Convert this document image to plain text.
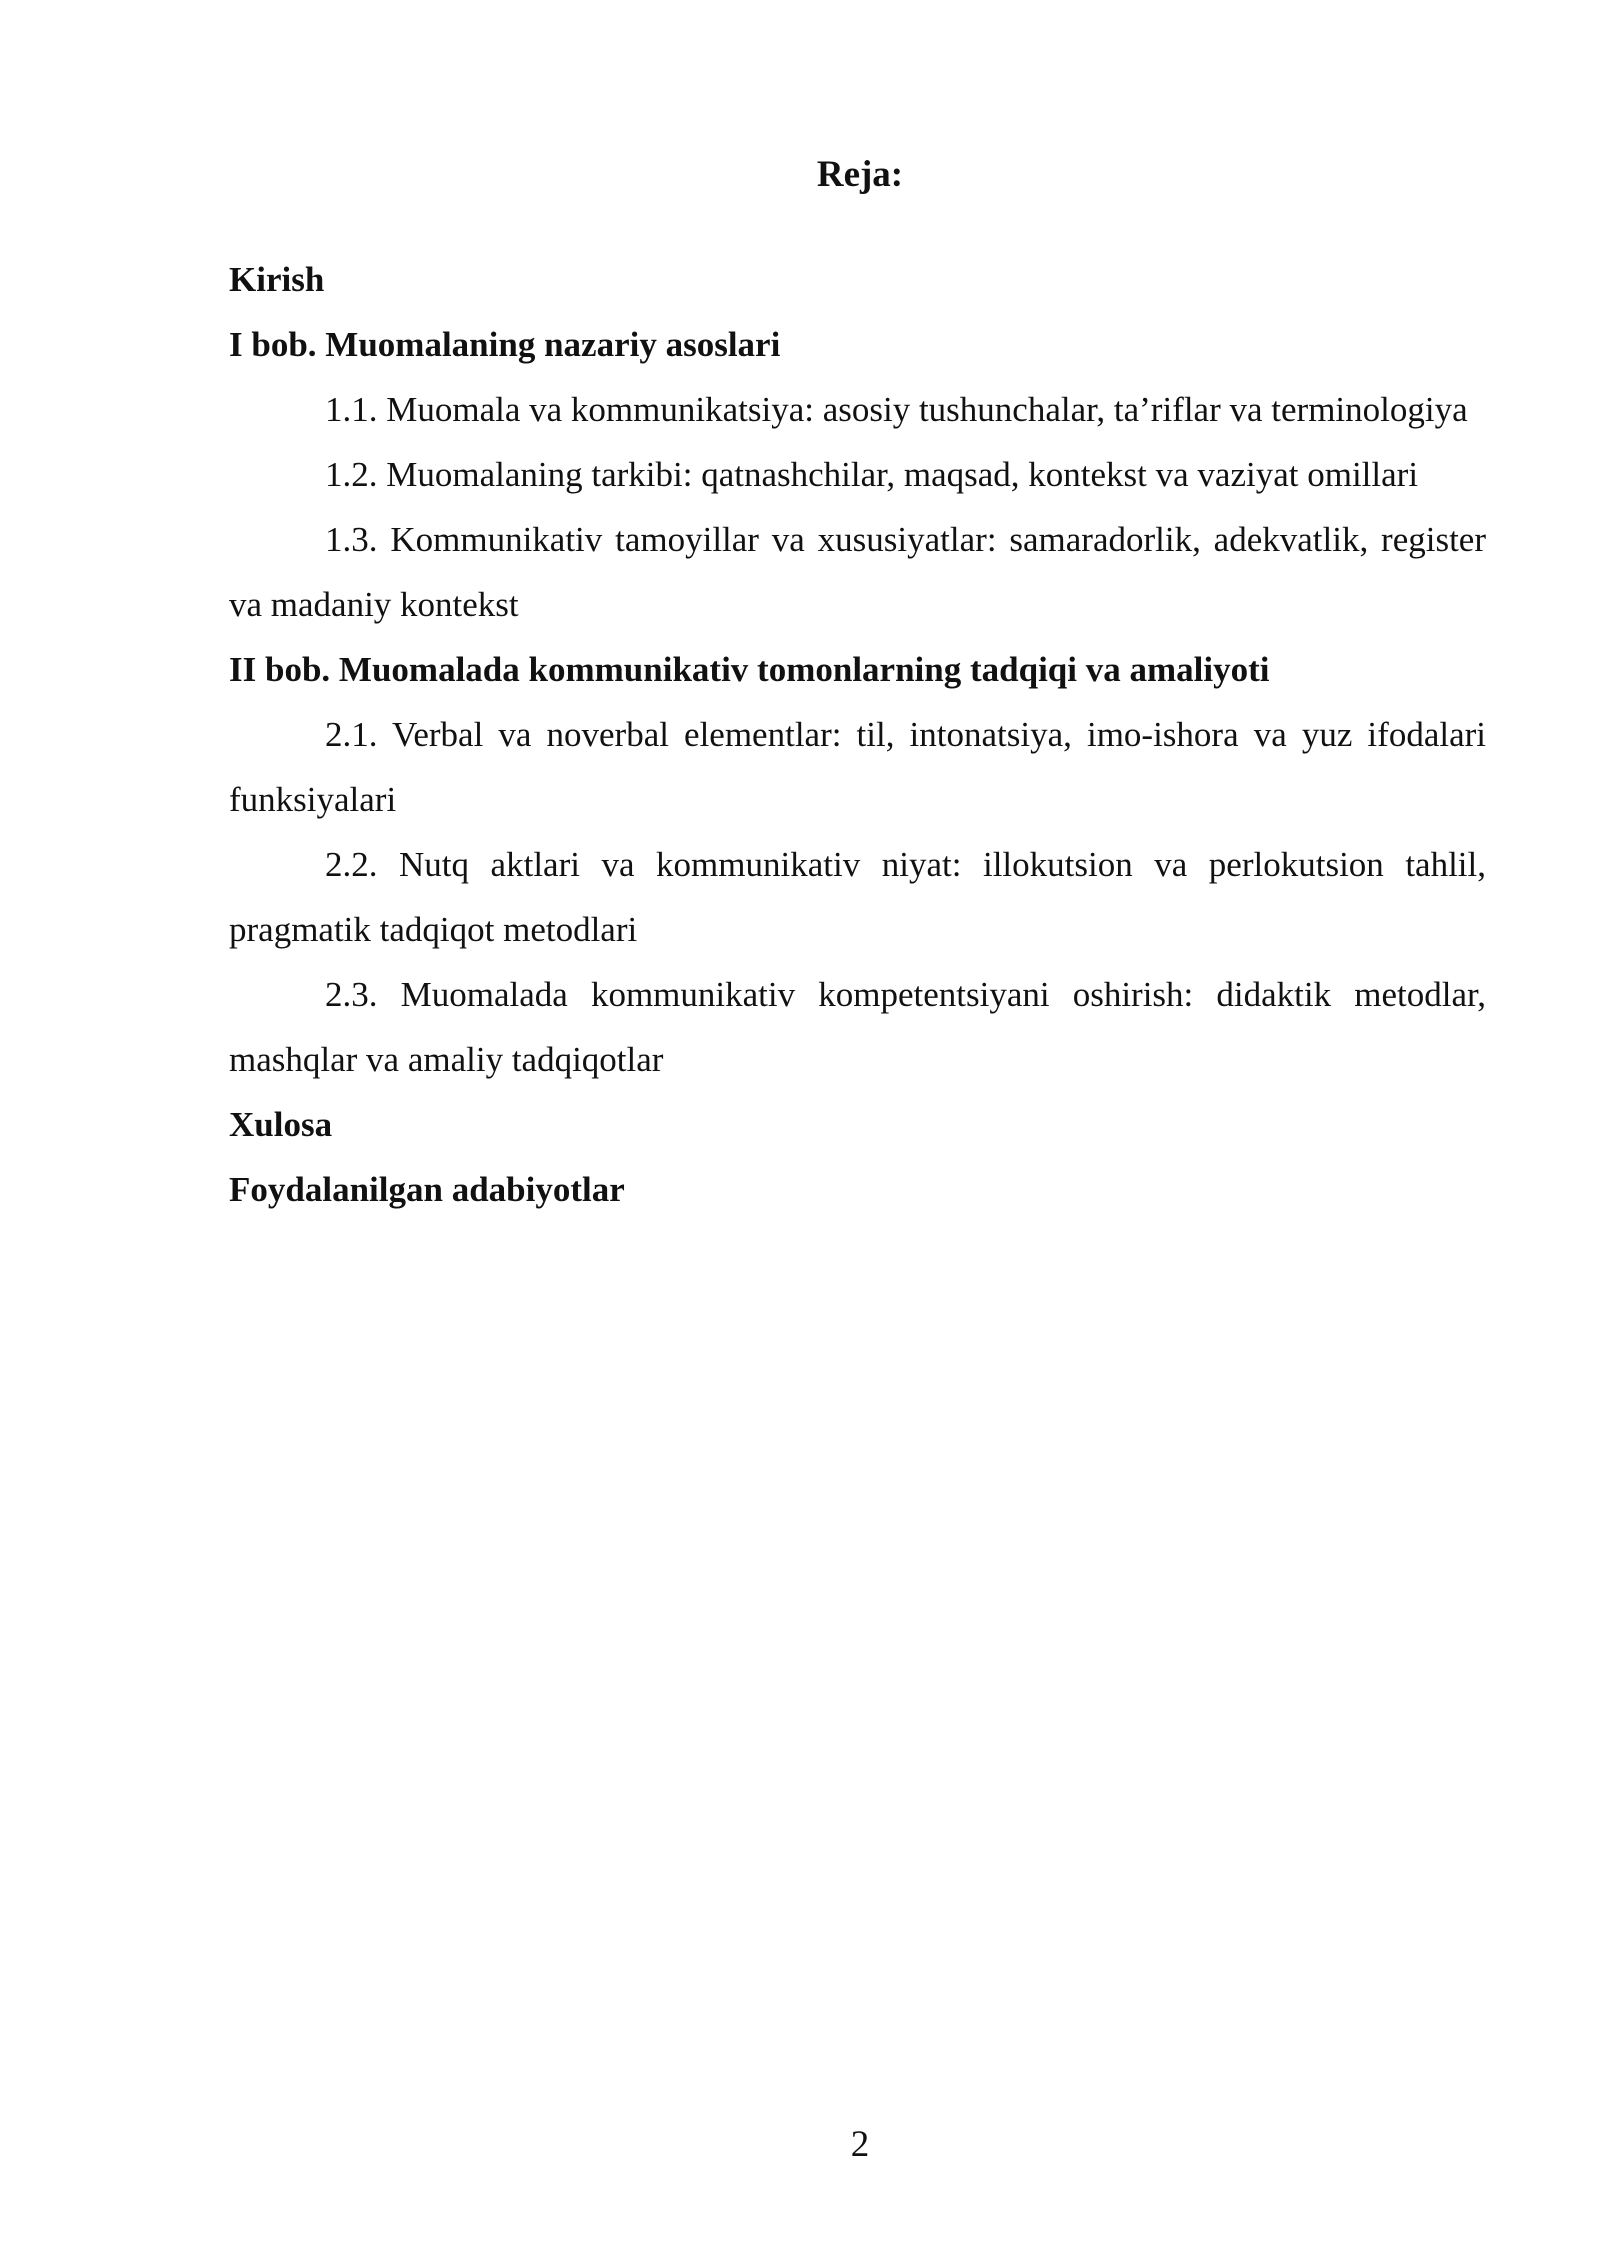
Reja:

Kirish

I bob. Muomalaning nazariy asoslari

1.1. Muomala va kommunikatsiya: asosiy tushunchalar, ta’riflar va terminologiya

1.2. Muomalaning tarkibi: qatnashchilar, maqsad, kontekst va vaziyat omillari

1.3. Kommunikativ tamoyillar va xususiyatlar: samaradorlik, adekvatlik, register va madaniy kontekst

II bob. Muomalada kommunikativ tomonlarning tadqiqi va amaliyoti

2.1. Verbal va noverbal elementlar: til, intonatsiya, imo-ishora va yuz ifodalari funksiyalari

2.2. Nutq aktlari va kommunikativ niyat: illokutsion va perlokutsion tahlil, pragmatik tadqiqot metodlari

2.3. Muomalada kommunikativ kompetentsiyani oshirish: didaktik metodlar, mashqlar va amaliy tadqiqotlar

Xulosa

Foydalanilgan adabiyotlar

2
